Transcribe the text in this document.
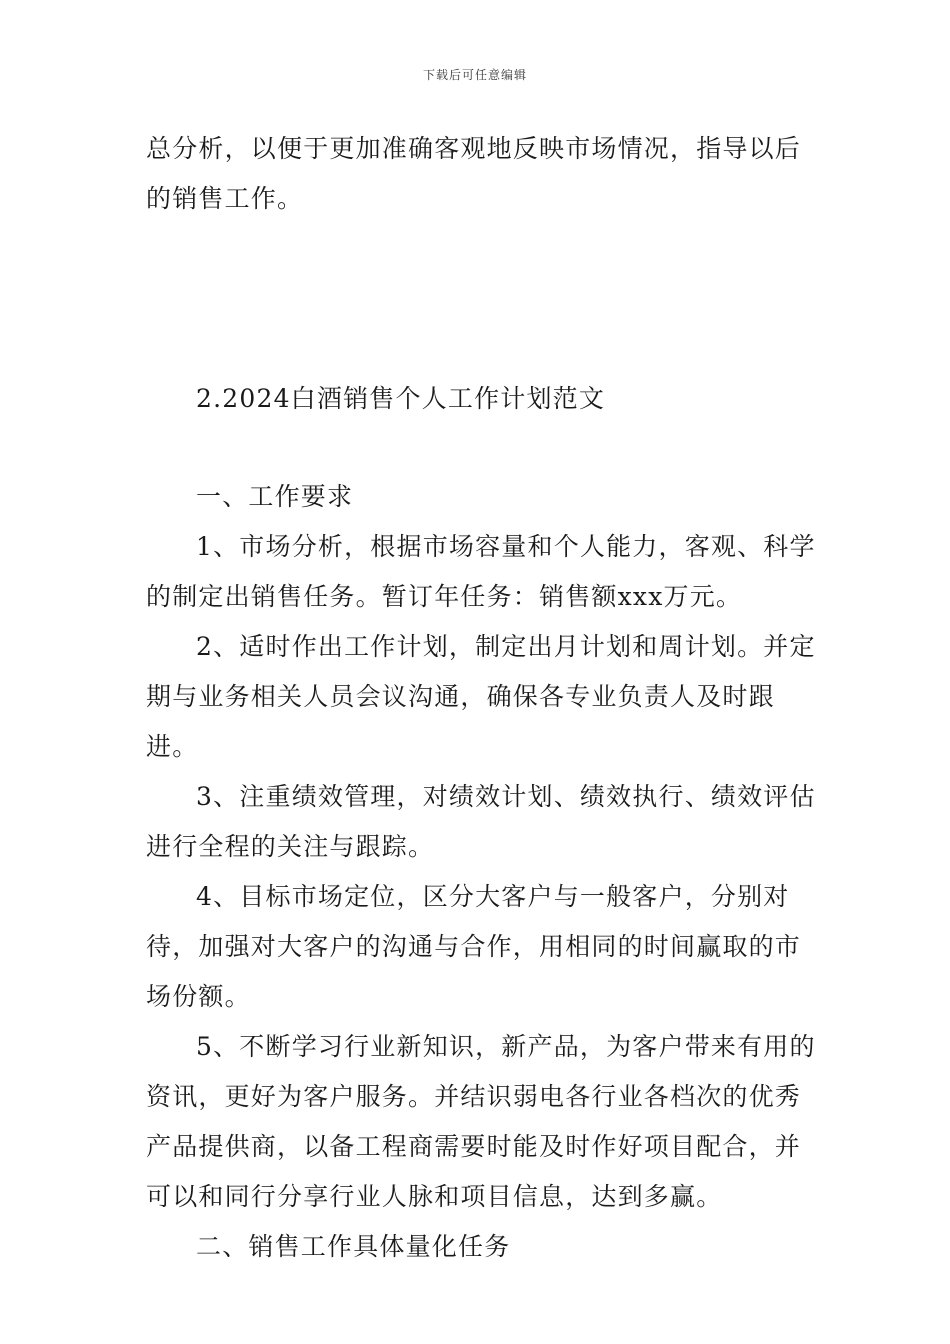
下载后可任意编辑

总分析，以便于更加准确客观地反映市场情况，指导以后的销售工作。

2.2024白酒销售个人工作计划范文

一、工作要求

1、市场分析，根据市场容量和个人能力，客观、科学的制定出销售任务。暂订年任务：销售额xxx万元。

2、适时作出工作计划，制定出月计划和周计划。并定期与业务相关人员会议沟通，确保各专业负责人及时跟进。

3、注重绩效管理，对绩效计划、绩效执行、绩效评估进行全程的关注与跟踪。

4、目标市场定位，区分大客户与一般客户，分别对待，加强对大客户的沟通与合作，用相同的时间赢取的市场份额。

5、不断学习行业新知识，新产品，为客户带来有用的资讯，更好为客户服务。并结识弱电各行业各档次的优秀产品提供商，以备工程商需要时能及时作好项目配合，并可以和同行分享行业人脉和项目信息，达到多赢。

二、销售工作具体量化任务
